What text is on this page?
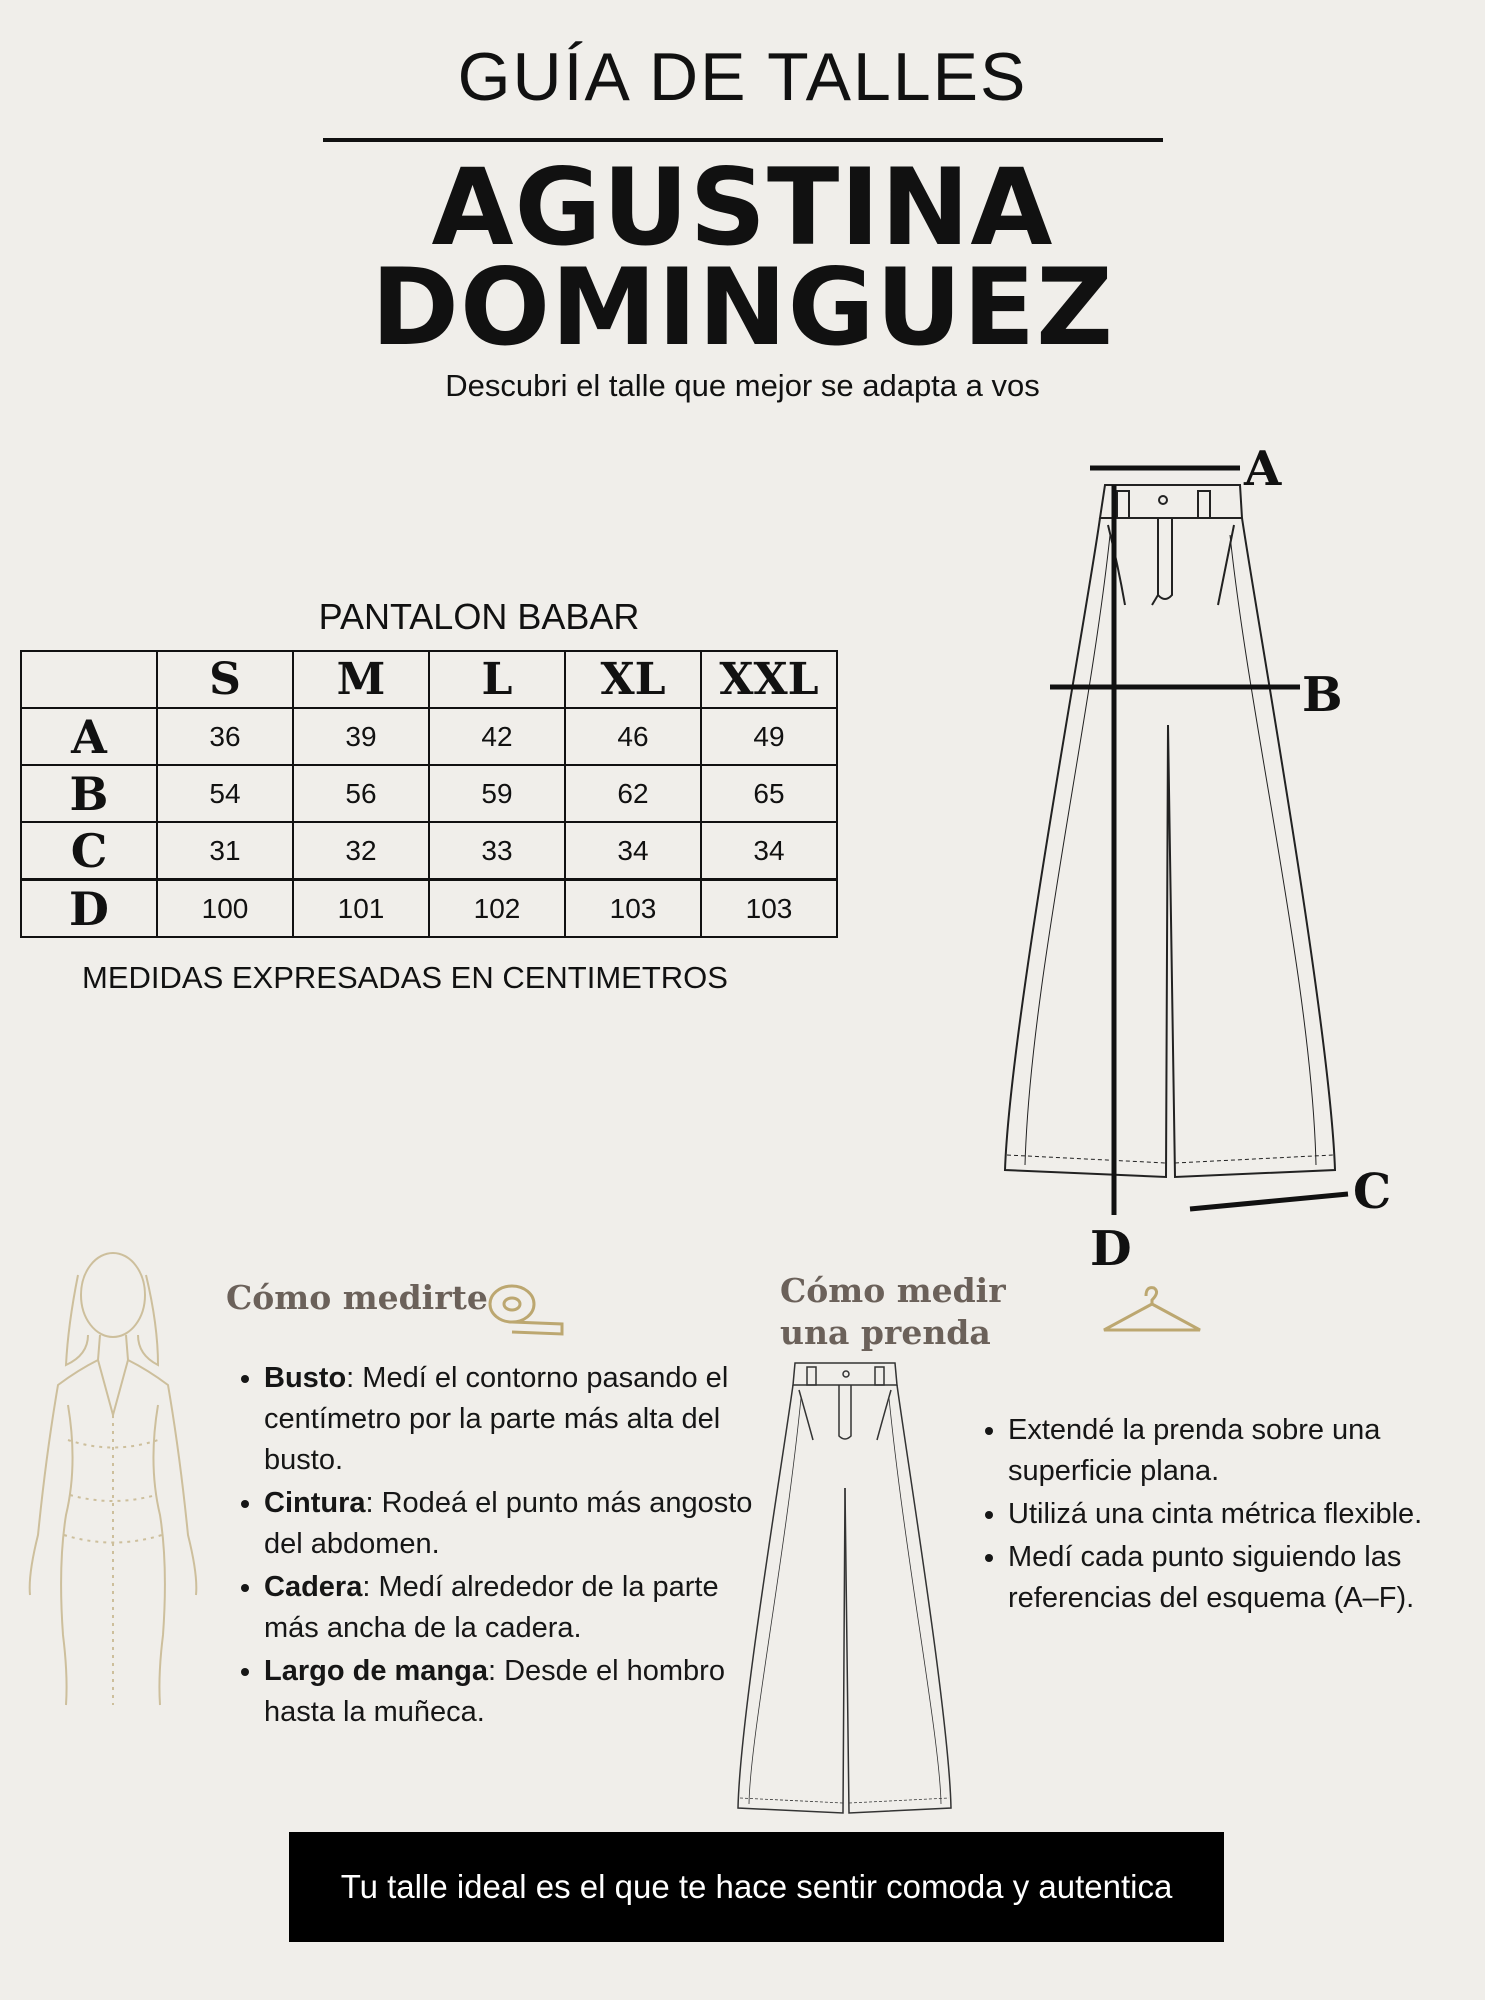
GUÍA DE TALLES
AGUSTINA
DOMINGUEZ
Descubri el talle que mejor se adapta a vos
PANTALON BABAR
	S	M	L	XL	XXL
A	36	39	42	46	49
B	54	56	59	62	65
C	31	32	33	34	34
D	100	101	102	103	103
MEDIDAS EXPRESADAS EN CENTIMETROS
A
B
C
D
Cómo medirte
• Busto: Medí el contorno pasando el centímetro por la parte más alta del busto.
• Cintura: Rodeá el punto más angosto del abdomen.
• Cadera: Medí alrededor de la parte más ancha de la cadera.
• Largo de manga: Desde el hombro hasta la muñeca.
Cómo medir una prenda
• Extendé la prenda sobre una superficie plana.
• Utilizá una cinta métrica flexible.
• Medí cada punto siguiendo las referencias del esquema (A–F).
Tu talle ideal es el que te hace sentir comoda y autentica
